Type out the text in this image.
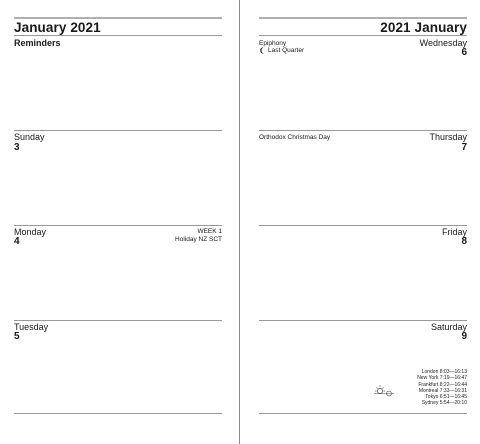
January 2021
Reminders
Sunday
3
Monday
4
WEEK 1
Holiday NZ SCT
Tuesday
5
2021 January
Epiphony
Last Quarter
Wednesday
6
Orthodox Christmas Day	Thursday
7
Friday
8
Saturday
9
London 8:03—16:13
New York 7:19—16:47
Frankfurt 8:22—16:44
Montreal 7:33—16:31
Tokyo 6:51—16:45
Sydney 5:54—20:10
